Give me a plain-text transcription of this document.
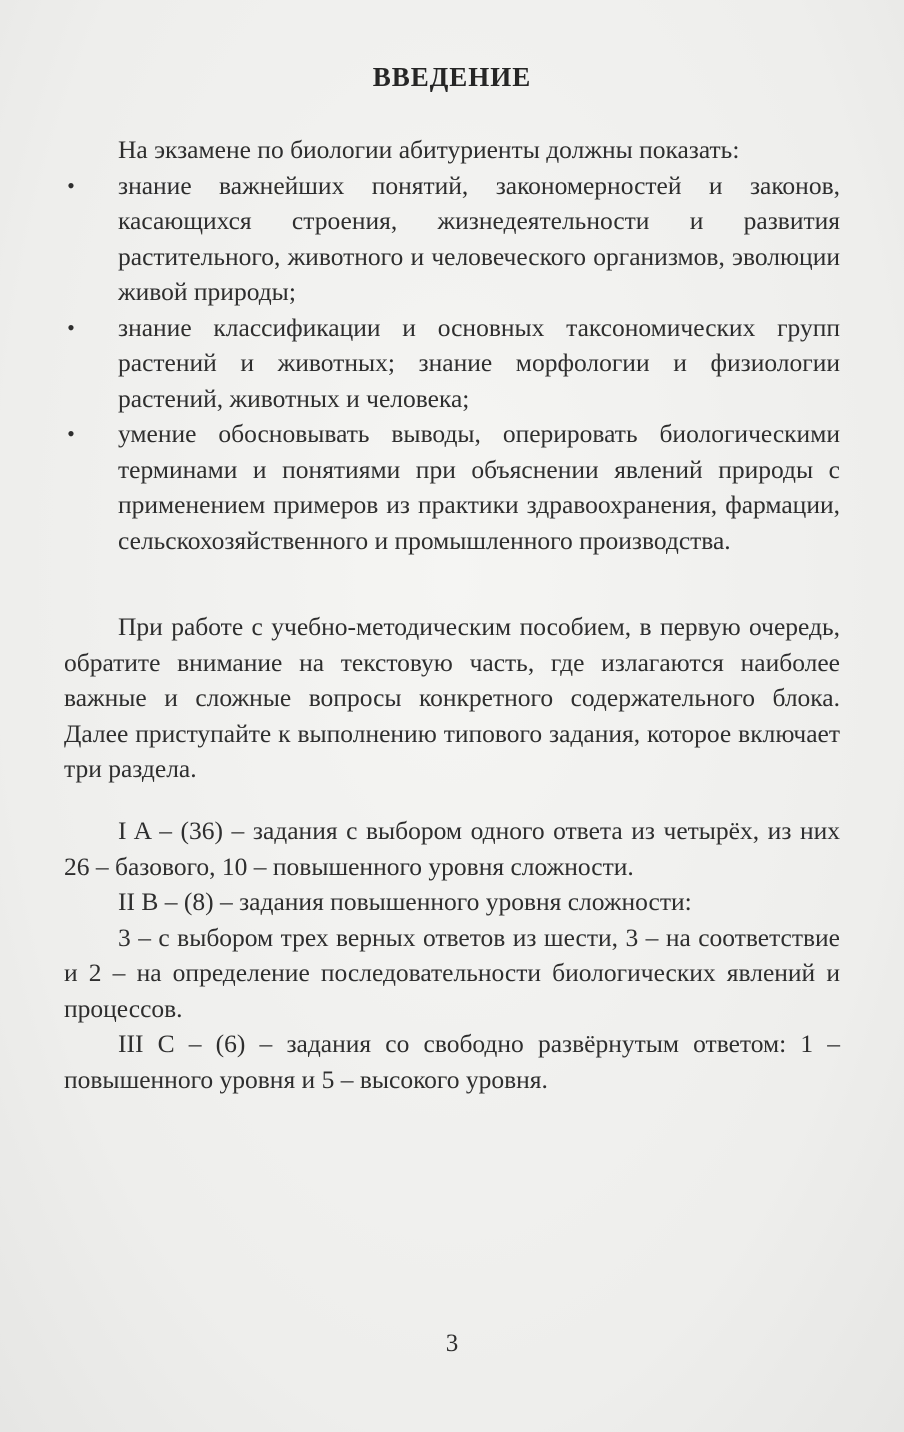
ВВЕДЕНИЕ

На экзамене по биологии абитуриенты должны показать:

• знание важнейших понятий, закономерностей и законов, касающихся строения, жизнедеятельности и развития растительного, животного и человеческого организмов, эволюции живой природы;
• знание классификации и основных таксономических групп растений и животных; знание морфологии и физиологии растений, животных и человека;
• умение обосновывать выводы, оперировать биологическими терминами и понятиями при объяснении явлений природы с применением примеров из практики здравоохранения, фармации, сельскохозяйственного и промышленного производства.

При работе с учебно-методическим пособием, в первую очередь, обратите внимание на текстовую часть, где излагаются наиболее важные и сложные вопросы конкретного содержательного блока. Далее приступайте к выполнению типового задания, которое включает три раздела.

I A – (36) – задания с выбором одного ответа из четырёх, из них 26 – базового, 10 – повышенного уровня сложности.

II B – (8) – задания повышенного уровня сложности:

3 – с выбором трех верных ответов из шести, 3 – на соответствие и 2 – на определение последовательности биологических явлений и процессов.

III C – (6) – задания со свободно развёрнутым ответом: 1 – повышенного уровня и 5 – высокого уровня.

3
